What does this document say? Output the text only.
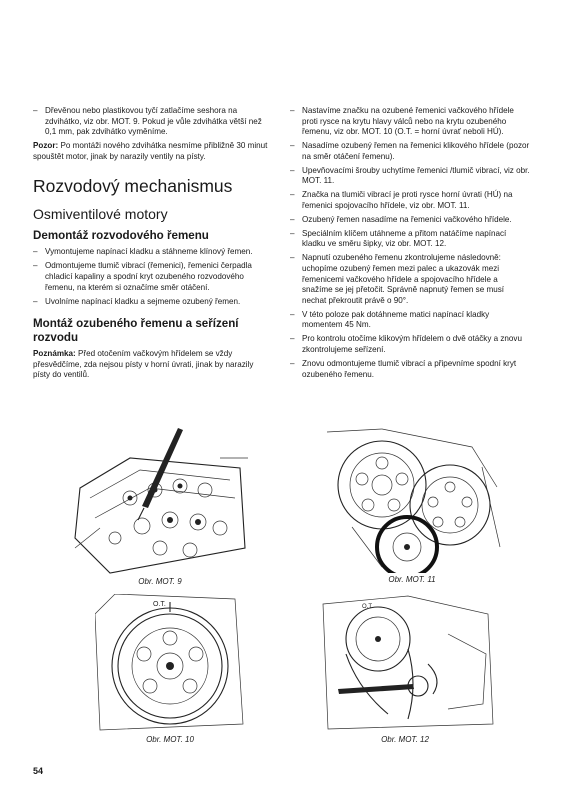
– Dřevěnou nebo plastikovou tyčí zatlačíme seshora na zdvihátko, viz obr. MOT. 9. Pokud je vůle zdvihátka větší než 0,1 mm, pak zdvihátko vyměníme.

Pozor: Po montáži nového zdvihátka nesmíme přibližně 30 minut spouštět motor, jinak by narazily ventily na písty.

Rozvodový mechanismus
Osmiventilové motory
Demontáž rozvodového řemenu
– Vymontujeme napínací kladku a stáhneme klínový řemen.
– Odmontujeme tlumič vibrací (řemenici), řemenici čerpadla chladicí kapaliny a spodní kryt ozubeného rozvodového řemenu, na kterém si označíme směr otáčení.
– Uvolníme napínací kladku a sejmeme ozubený řemen.
Montáž ozubeného řemenu a seřízení rozvodu

Poznámka: Před otočením vačkovým hřídelem se vždy přesvědčíme, zda nejsou písty v horní úvrati, jinak by narazily písty do ventilů.

– Nastavíme značku na ozubené řemenici vačkového hřídele proti rysce na krytu hlavy válců nebo na krytu ozubeného řemenu, viz obr. MOT. 10 (O.T. = horní úvrať neboli HÚ).
– Nasadíme ozubený řemen na řemenici klikového hřídele (pozor na směr otáčení řemenu).
– Upevňovacími šrouby uchytíme řemenici /tlumič vibrací, viz obr. MOT. 11.
– Značka na tlumiči vibrací je proti rysce horní úvrati (HÚ) na řemenici spojovacího hřídele, viz obr. MOT. 11.
– Ozubený řemen nasadíme na řemenici vačkového hřídele.
– Speciálním klíčem utáhneme a přitom natáčíme napínací kladku ve směru šipky, viz obr. MOT. 12.
– Napnutí ozubeného řemenu zkontrolujeme následovně: uchopíme ozubený řemen mezi palec a ukazovák mezi řemenicemi vačkového hřídele a spojovacího hřídele a snažíme se jej přetočit. Správně napnutý řemen se musí nechat překroutit právě o 90°.
– V této poloze pak dotáhneme matici napínací kladky momentem 45 Nm.
– Pro kontrolu otočíme klikovým hřídelem o dvě otáčky a znovu zkontrolujeme seřízení.
– Znovu odmontujeme tlumič vibrací a připevníme spodní kryt ozubeného řemenu.
Obr. MOT. 9
O.T.
Obr. MOT. 10
Obr. MOT. 11
O.T.
Obr. MOT. 12
54
